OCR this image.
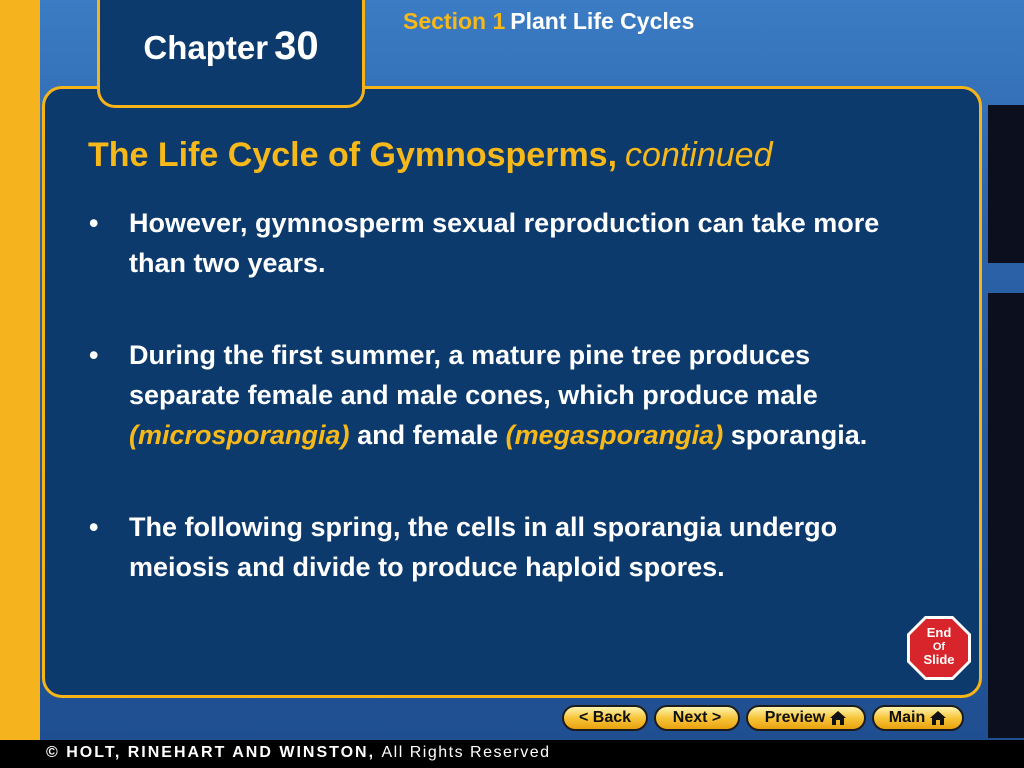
Section 1 Plant Life Cycles
Chapter 30
The Life Cycle of Gymnosperms, continued
•	However, gymnosperm sexual reproduction can take more than two years.
•	During the first summer, a mature pine tree produces separate female and male cones, which produce male (microsporangia) and female (megasporangia) sporangia.
•	The following spring, the cells in all sporangia undergo meiosis and divide to produce haploid spores.
End
Of
Slide
< Back	Next >	Preview	Main
© HOLT, RINEHART AND WINSTON, All Rights Reserved
